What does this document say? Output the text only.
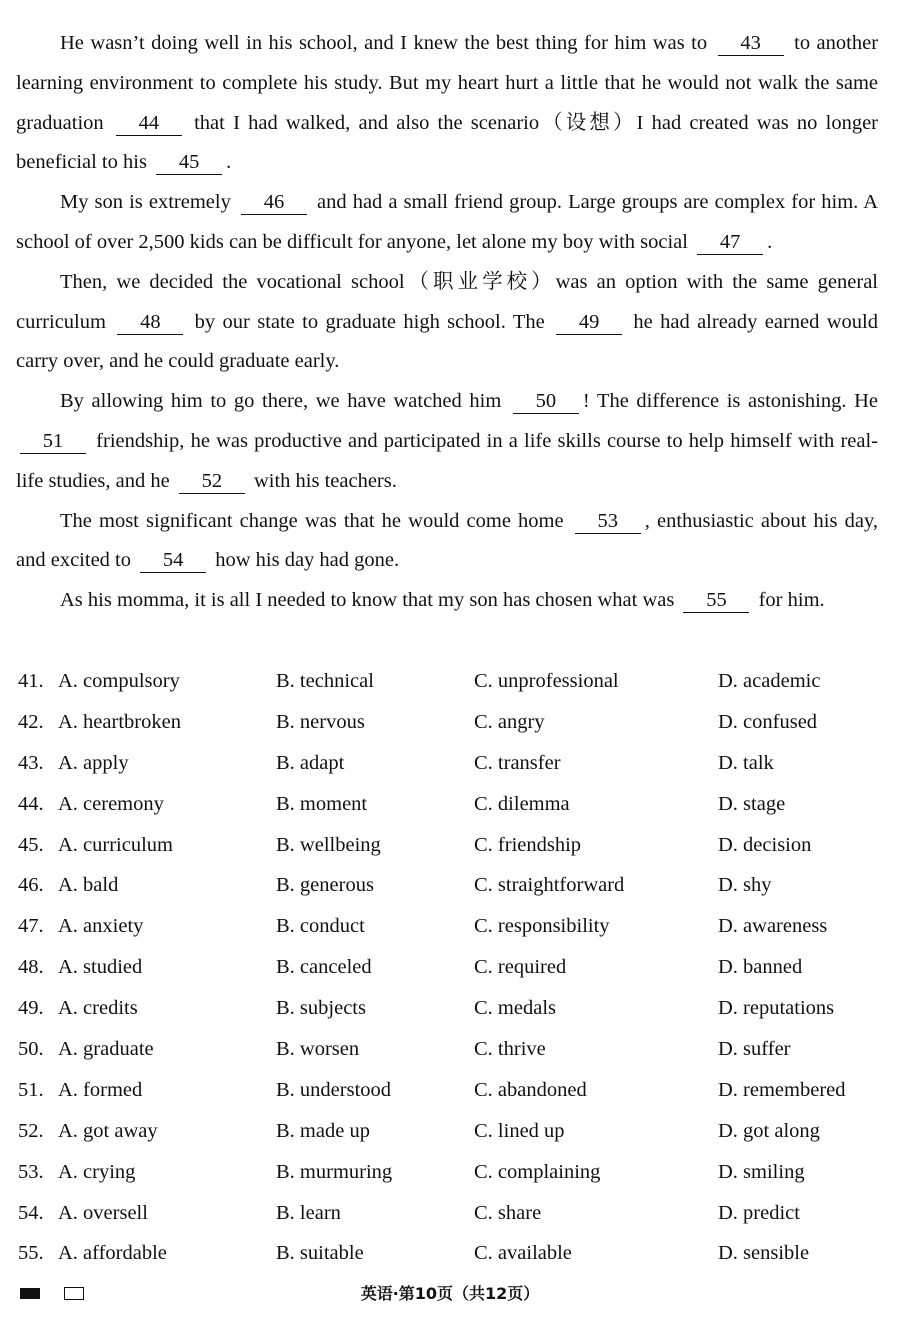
He wasn’t doing well in his school, and I knew the best thing for him was to 43 to another learning environment to complete his study. But my heart hurt a little that he would not walk the same graduation 44 that I had walked, and also the scenario（设想）I had created was no longer beneficial to his 45 .

My son is extremely 46 and had a small friend group. Large groups are complex for him. A school of over 2,500 kids can be difficult for anyone, let alone my boy with social 47 .

Then, we decided the vocational school（职业学校）was an option with the same general curriculum 48 by our state to graduate high school. The 49 he had already earned would carry over, and he could graduate early.

By allowing him to go there, we have watched him 50 ! The difference is astonishing. He 51 friendship, he was productive and participated in a life skills course to help himself with real-life studies, and he 52 with his teachers.

The most significant change was that he would come home 53 , enthusiastic about his day, and excited to 54 how his day had gone.

As his momma, it is all I needed to know that my son has chosen what was 55 for him.

41. A. compulsory	B. technical	C. unprofessional	D. academic
42. A. heartbroken	B. nervous	C. angry	D. confused
43. A. apply	B. adapt	C. transfer	D. talk
44. A. ceremony	B. moment	C. dilemma	D. stage
45. A. curriculum	B. wellbeing	C. friendship	D. decision
46. A. bald	B. generous	C. straightforward	D. shy
47. A. anxiety	B. conduct	C. responsibility	D. awareness
48. A. studied	B. canceled	C. required	D. banned
49. A. credits	B. subjects	C. medals	D. reputations
50. A. graduate	B. worsen	C. thrive	D. suffer
51. A. formed	B. understood	C. abandoned	D. remembered
52. A. got away	B. made up	C. lined up	D. got along
53. A. crying	B. murmuring	C. complaining	D. smiling
54. A. oversell	B. learn	C. share	D. predict
55. A. affordable	B. suitable	C. available	D. sensible
英语·第10页（共12页）
